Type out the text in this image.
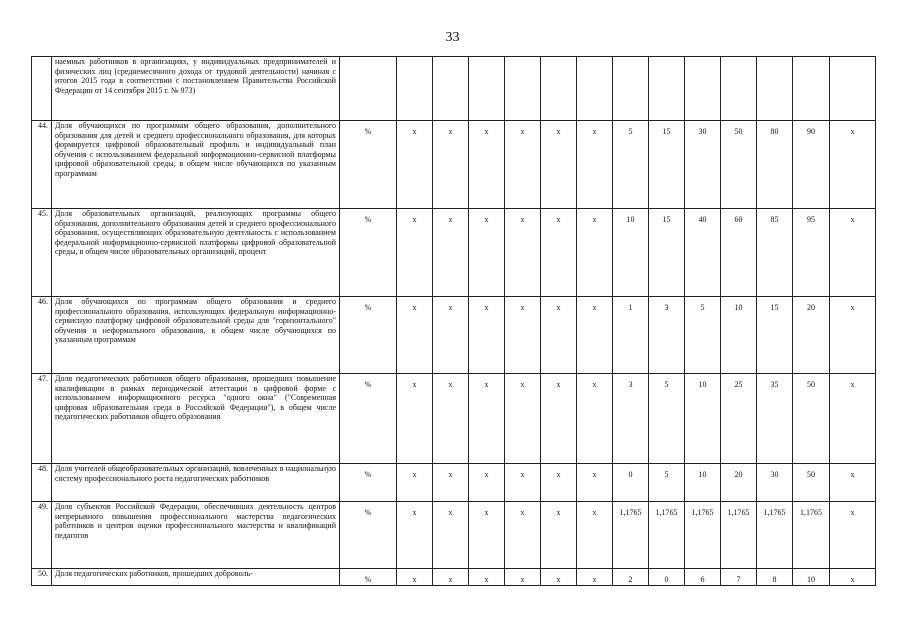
33
	наемных работников в организациях, у индивидуальных предпринимателей и физических лиц (среднемесячного дохода от трудовой деятельности) начиная с итогов 2015 года в соответствии с постановлением Правительства Российской Федерации от 14 сентября 2015 г. № 973)														
44.	Доля обучающихся по программам общего образования, дополнительного образования для детей и среднего профессионального образования, для которых формируется цифровой образовательный профиль и индивидуальный план обучения с использованием федеральной информационно-сервисной платформы цифровой образовательной среды, в общем числе обучающихся по указанным программам	%	x	x	x	x	x	x	5	15	30	50	80	90	x
45.	Доля образовательных организаций, реализующих программы общего образования, дополнительного образования детей и среднего профессионального образования, осуществляющих образовательную деятельность с использованием федеральной информационно-сервисной платформы цифровой образовательной среды, в общем числе образовательных организаций, процент	%	x	x	x	x	x	x	10	15	40	60	85	95	x
46.	Доля обучающихся по программам общего образования и среднего профессионального образования, использующих федеральную информационно-сервисную платформу цифровой образовательной среды для "горизонтального" обучения и неформального образования, в общем числе обучающихся по указанным программам	%	x	x	x	x	x	x	1	3	5	10	15	20	x
47.	Доля педагогических работников общего образования, прошедших повышение квалификации в рамках периодической аттестации в цифровой форме с использованием информационного ресурса "одного окна" ("Современная цифровая образовательная среда в Российской Федерации"), в общем числе педагогических работников общего образования	%	x	x	x	x	x	x	3	5	10	25	35	50	x
48.	Доля учителей общеобразовательных организаций, вовлеченных в национальную систему профессионального роста педагогических работников	%	x	x	x	x	x	x	0	5	10	20	30	50	x
49.	Доля субъектов Российской Федерации, обеспечивших деятельность центров непрерывного повышения профессионального мастерства педагогических работников и центров оценки профессионального мастерства и квалификаций педагогов	%	x	x	x	x	x	x	1,1765	1,1765	1,1765	1,1765	1,1765	1,1765	x
50.	Доля педагогических работников, прошедших доброволь-	%	x	x	x	x	x	x	2	0	6	7	8	10	x
